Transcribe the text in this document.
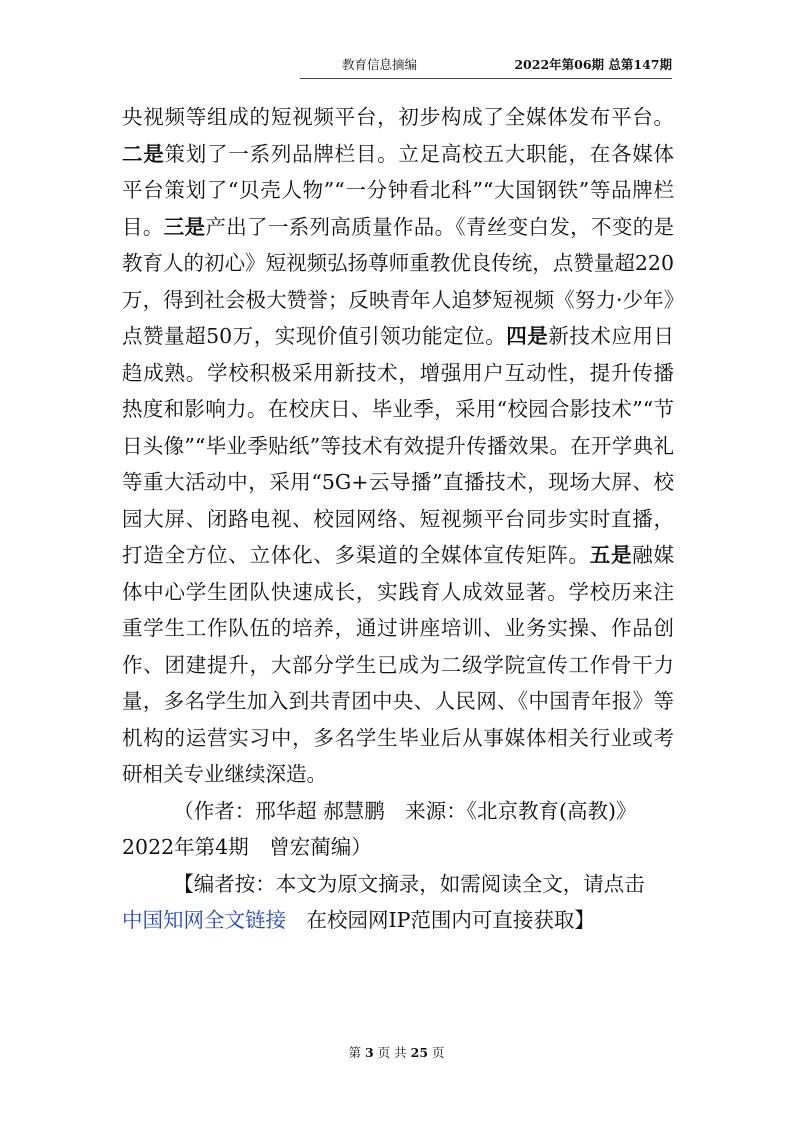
教育信息摘编	2022年第06期 总第147期

央视频等组成的短视频平台，初步构成了全媒体发布平台。二是策划了一系列品牌栏目。立足高校五大职能，在各媒体平台策划了“贝壳人物”“一分钟看北科”“大国钢铁”等品牌栏目。三是产出了一系列高质量作品。《青丝变白发，不变的是教育人的初心》短视频弘扬尊师重教优良传统，点赞量超220万，得到社会极大赞誉；反映青年人追梦短视频《努力·少年》点赞量超50万，实现价值引领功能定位。四是新技术应用日趋成熟。学校积极采用新技术，增强用户互动性，提升传播热度和影响力。在校庆日、毕业季，采用“校园合影技术”“节日头像”“毕业季贴纸”等技术有效提升传播效果。在开学典礼等重大活动中，采用“5G+云导播”直播技术，现场大屏、校园大屏、闭路电视、校园网络、短视频平台同步实时直播，打造全方位、立体化、多渠道的全媒体宣传矩阵。五是融媒体中心学生团队快速成长，实践育人成效显著。学校历来注重学生工作队伍的培养，通过讲座培训、业务实操、作品创作、团建提升，大部分学生已成为二级学院宣传工作骨干力量，多名学生加入到共青团中央、人民网、《中国青年报》等机构的运营实习中，多名学生毕业后从事媒体相关行业或考研相关专业继续深造。

（作者：邢华超 郝慧鹏　来源：《北京教育(高教)》 2022年第4期　曾宏蔺编）

【编者按：本文为原文摘录，如需阅读全文，请点击　中国知网全文链接　在校园网IP范围内可直接获取】

第 3 页 共 25 页
